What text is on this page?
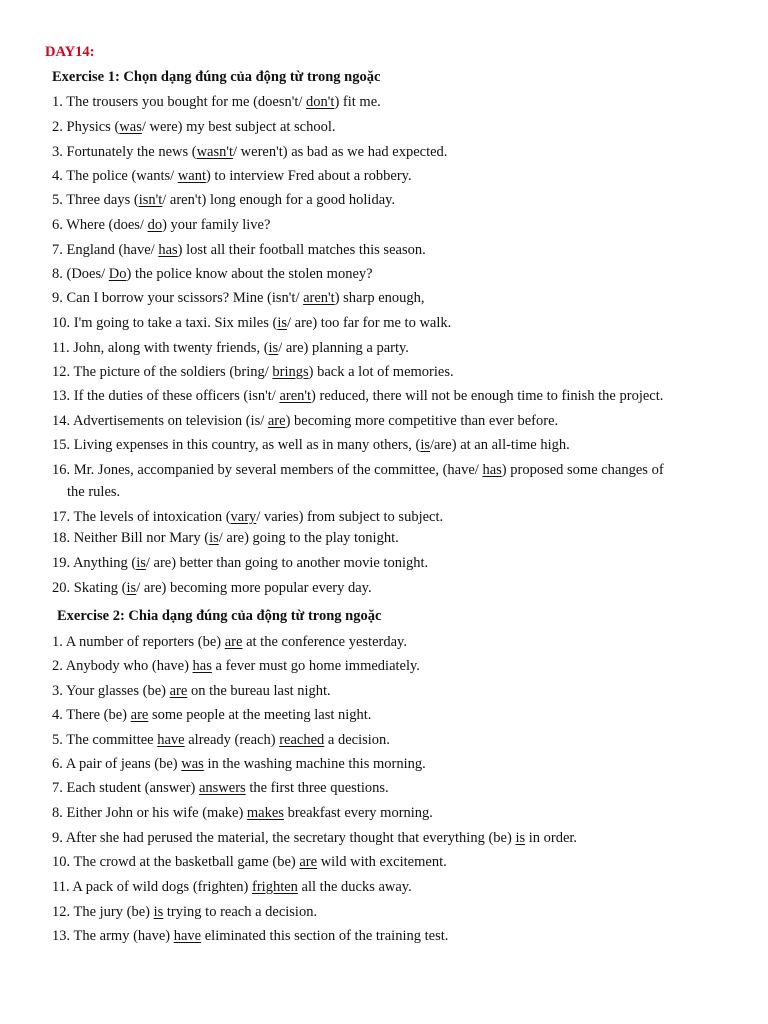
DAY14:
Exercise 1: Chọn dạng đúng của động từ trong ngoặc
1. The trousers you bought for me (doesn't/ don't) fit me.
2. Physics (was/ were) my best subject at school.
3. Fortunately the news (wasn't/ weren't) as bad as we had expected.
4. The police (wants/ want) to interview Fred about a robbery.
5. Three days (isn't/ aren't) long enough for a good holiday.
6. Where (does/ do) your family live?
7. England (have/ has) lost all their football matches this season.
8. (Does/ Do) the police know about the stolen money?
9. Can I borrow your scissors? Mine (isn't/ aren't) sharp enough,
10. I'm going to take a taxi. Six miles (is/ are) too far for me to walk.
11. John, along with twenty friends, (is/ are) planning a party.
12. The picture of the soldiers (bring/ brings) back a lot of memories.
13. If the duties of these officers (isn't/ aren't) reduced, there will not be enough time to finish the project.
14. Advertisements on television (is/ are) becoming more competitive than ever before.
15. Living expenses in this country, as well as in many others, (is/are) at an all-time high.
16. Mr. Jones, accompanied by several members of the committee, (have/ has) proposed some changes of
the rules.
17. The levels of intoxication (vary/ varies) from subject to subject.
18. Neither Bill nor Mary (is/ are) going to the play tonight.
19. Anything (is/ are) better than going to another movie tonight.
20. Skating (is/ are) becoming more popular every day.
Exercise 2: Chia dạng đúng của động từ trong ngoặc
1. A number of reporters (be) are at the conference yesterday.
2. Anybody who (have) has a fever must go home immediately.
3. Your glasses (be) are on the bureau last night.
4. There (be) are some people at the meeting last night.
5. The committee have already (reach) reached a decision.
6. A pair of jeans (be) was in the washing machine this morning.
7. Each student (answer) answers the first three questions.
8. Either John or his wife (make) makes breakfast every morning.
9. After she had perused the material, the secretary thought that everything (be) is in order.
10. The crowd at the basketball game (be) are wild with excitement.
11. A pack of wild dogs (frighten) frighten all the ducks away.
12. The jury (be) is trying to reach a decision.
13. The army (have) have eliminated this section of the training test.
